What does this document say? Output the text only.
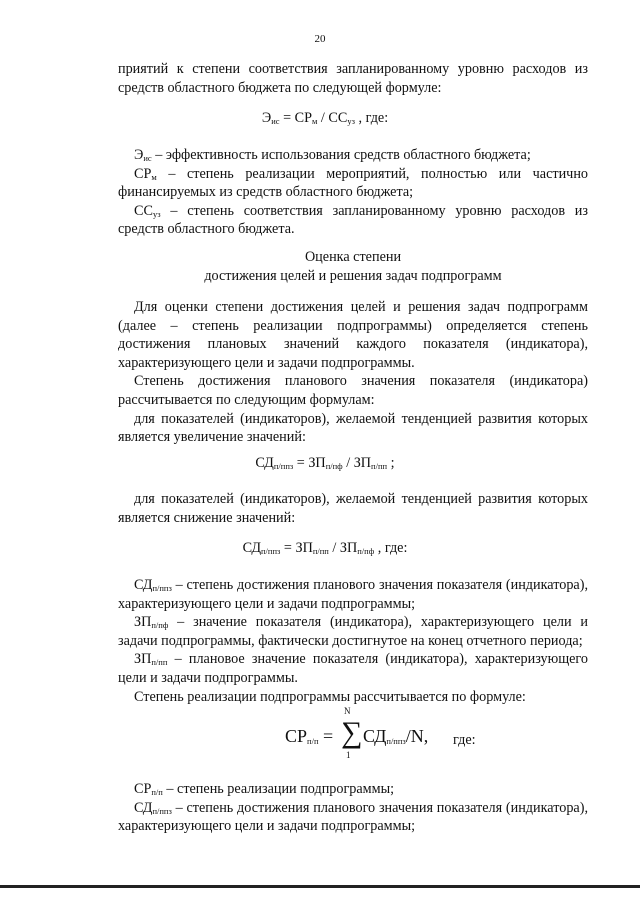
20

приятий к степени соответствия запланированному уровню расходов из

средств областного бюджета по следующей формуле:

$Э_{ис} = СР_м / СС_{уз}$ , где:

$Э_{ис}$ – эффективность использования средств областного бюджета;

$СР_м$ – степень реализации мероприятий, полностью или частично финансируемых из средств областного бюджета;

$СС_{уз}$ – степень соответствия запланированному уровню расходов из средств областного бюджета.

Оценка степени

достижения целей и решения задач подпрограмм

Для оценки степени достижения целей и решения задач подпрограмм (далее – степень реализации подпрограммы) определяется степень достижения плановых значений каждого показателя (индикатора), характеризующего цели и задачи подпрограммы.

Степень достижения планового значения показателя (индикатора) рассчитывается по следующим формулам:

для показателей (индикаторов), желаемой тенденцией развития которых является увеличение значений:

$СД_{п/ппз} = ЗП_{п/пф} / ЗП_{п/пп}$ ;

для показателей (индикаторов), желаемой тенденцией развития которых является снижение значений:

$СД_{п/ппз} = ЗП_{п/пп} / ЗП_{п/пф}$ , где:

$СД_{п/ппз}$ – степень достижения планового значения показателя (индикатора), характеризующего цели и задачи подпрограммы;

$ЗП_{п/пф}$ – значение показателя (индикатора), характеризующего цели и задачи подпрограммы, фактически достигнутое на конец отчетного периода;

$ЗП_{п/пп}$ – плановое значение показателя (индикатора), характеризующего цели и задачи подпрограммы.

Степень реализации подпрограммы рассчитывается по формуле:

$СР_{п/п}$ =
N
∑
1
$СД_{п/ппз}/N$, где:

$СР_{п/п}$ – степень реализации подпрограммы;

$СД_{п/ппз}$ – степень достижения планового значения показателя (индикатора), характеризующего цели и задачи подпрограммы;
